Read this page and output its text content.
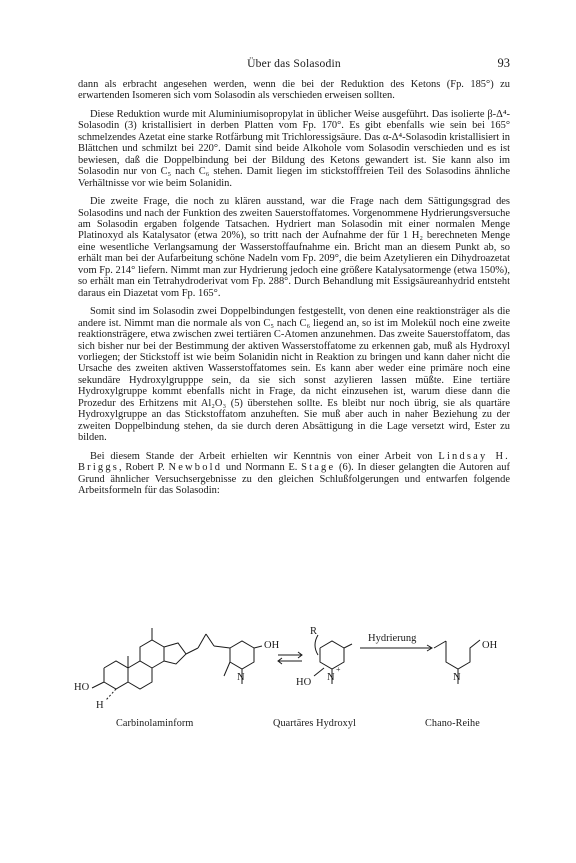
Über das Solasodin	93

dann als erbracht angesehen werden, wenn die bei der Reduktion des Ketons (Fp. 185°) zu erwartenden Isomeren sich vom Solasodin als verschieden erweisen sollten.

Diese Reduktion wurde mit Aluminiumisopropylat in üblicher Weise ausgeführt. Das isolierte β-Δ⁴-Solasodin (3) kristallisiert in derben Platten vom Fp. 170°. Es gibt ebenfalls wie sein bei 165° schmelzendes Azetat eine starke Rotfärbung mit Trichloressigsäure. Das α-Δ⁴-Solasodin kristallisiert in Blättchen und schmilzt bei 220°. Damit sind beide Alkohole vom Solasodin verschieden und es ist bewiesen, daß die Doppelbindung bei der Bildung des Ketons gewandert ist. Sie kann also im Solasodin nur von C₅ nach C₆ stehen. Damit liegen im stickstofffreien Teil des Solasodins ähnliche Verhältnisse vor wie beim Solanidin.

Die zweite Frage, die noch zu klären ausstand, war die Frage nach dem Sättigungsgrad des Solasodins und nach der Funktion des zweiten Sauerstoffatomes. Vorgenommene Hydrierungsversuche am Solasodin ergaben folgende Tatsachen. Hydriert man Solasodin mit einer normalen Menge Platinoxyd als Katalysator (etwa 20%), so tritt nach der Aufnahme der für 1 H₂ berechneten Menge eine wesentliche Verlangsamung der Wasserstoffaufnahme ein. Bricht man an diesem Punkt ab, so erhält man bei der Aufarbeitung schöne Nadeln vom Fp. 209°, die beim Azetylieren ein Dihydroazetat vom Fp. 214° liefern. Nimmt man zur Hydrierung jedoch eine größere Katalysatormenge (etwa 150%), so erhält man ein Tetrahydroderivat vom Fp. 288°. Durch Behandlung mit Essigsäureanhydrid entsteht daraus ein Diazetat vom Fp. 165°.

Somit sind im Solasodin zwei Doppelbindungen festgestellt, von denen eine reaktionsträger als die andere ist. Nimmt man die normale als von C₅ nach C₆ liegend an, so ist im Molekül noch eine zweite reaktionsträgere, etwa zwischen zwei tertiären C-Atomen anzunehmen. Das zweite Sauerstoffatom, das sich bisher nur bei der Bestimmung der aktiven Wasserstoffatome zu erkennen gab, muß als Hydroxyl vorliegen; der Stickstoff ist wie beim Solanidin nicht in Reaktion zu bringen und kann daher nicht die Ursache des zweiten aktiven Wasserstoffatomes sein. Es kann aber weder eine primäre noch eine sekundäre Hydroxylgrupppe sein, da sie sich sonst azylieren lassen müßte. Eine tertiäre Hydroxylgruppe kommt ebenfalls nicht in Frage, da nicht einzusehen ist, warum diese dann die Prozedur des Erhitzens mit Al₂O₃ (5) überstehen sollte. Es bleibt nur noch übrig, sie als quartäre Hydroxylgruppe an das Stickstoffatom anzuheften. Sie muß aber auch in naher Beziehung zu der zweiten Doppelbindung stehen, da sie durch deren Absättigung in die Lage versetzt wird, Ester zu bilden.

Bei diesem Stande der Arbeit erhielten wir Kenntnis von einer Arbeit von Lindsay H. Briggs, Robert P. Newbold und Normann E. Stage (6). In dieser gelangten die Autoren auf Grund ähnlicher Versuchsergebnisse zu den gleichen Schlußfolgerungen und entwarfen folgende Arbeitsformeln für das Solasodin:

OH
N
HO
H
R
N
+
HO
OH
N
Hydrierung
Carbinolaminform	Quartäres Hydroxyl	Chano-Reihe
